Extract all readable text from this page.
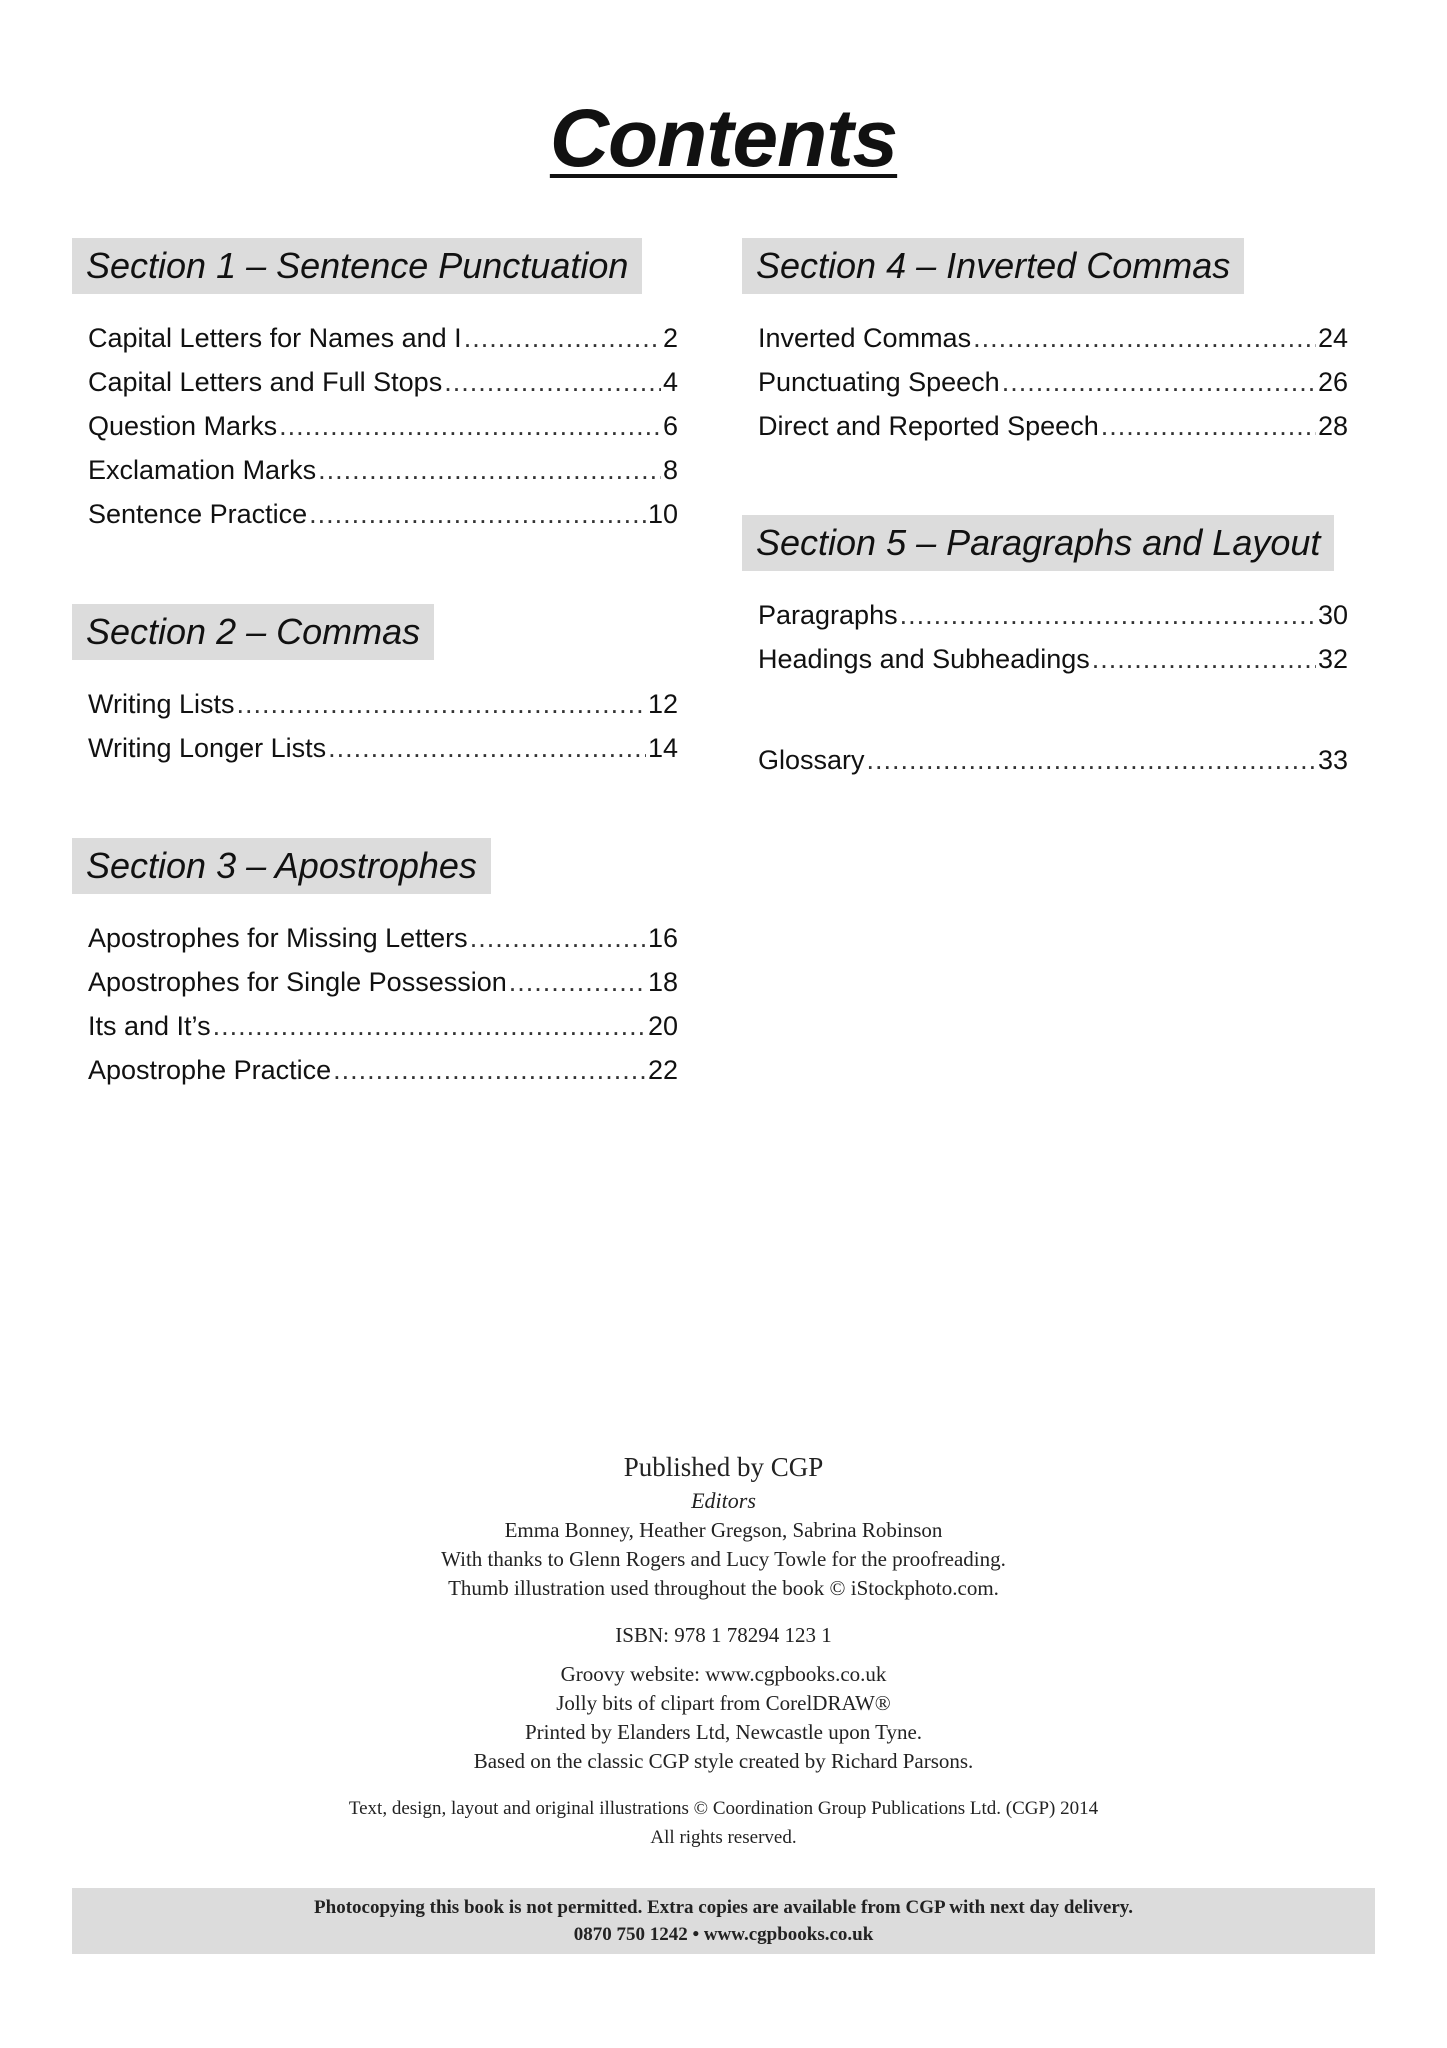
Contents
Section 1 – Sentence Punctuation
Capital Letters for Names and I .....	2
Capital Letters and Full Stops .....	4
Question Marks .....	6
Exclamation Marks .....	8
Sentence Practice .....	10
Section 2 – Commas
Writing Lists .....	12
Writing Longer Lists .....	14
Section 3 – Apostrophes
Apostrophes for Missing Letters .....	16
Apostrophes for Single Possession .....	18
Its and It’s .....	20
Apostrophe Practice .....	22
Section 4 – Inverted Commas
Inverted Commas .....	24
Punctuating Speech .....	26
Direct and Reported Speech .....	28
Section 5 – Paragraphs and Layout
Paragraphs .....	30
Headings and Subheadings .....	32
Glossary .....	33

Published by CGP

Editors

Emma Bonney, Heather Gregson, Sabrina Robinson

With thanks to Glenn Rogers and Lucy Towle for the proofreading.

Thumb illustration used throughout the book © iStockphoto.com.

ISBN: 978 1 78294 123 1

Groovy website: www.cgpbooks.co.uk

Jolly bits of clipart from CorelDRAW®

Printed by Elanders Ltd, Newcastle upon Tyne.

Based on the classic CGP style created by Richard Parsons.

Text, design, layout and original illustrations © Coordination Group Publications Ltd. (CGP) 2014

All rights reserved.

Photocopying this book is not permitted. Extra copies are available from CGP with next day delivery.

0870 750 1242 • www.cgpbooks.co.uk
